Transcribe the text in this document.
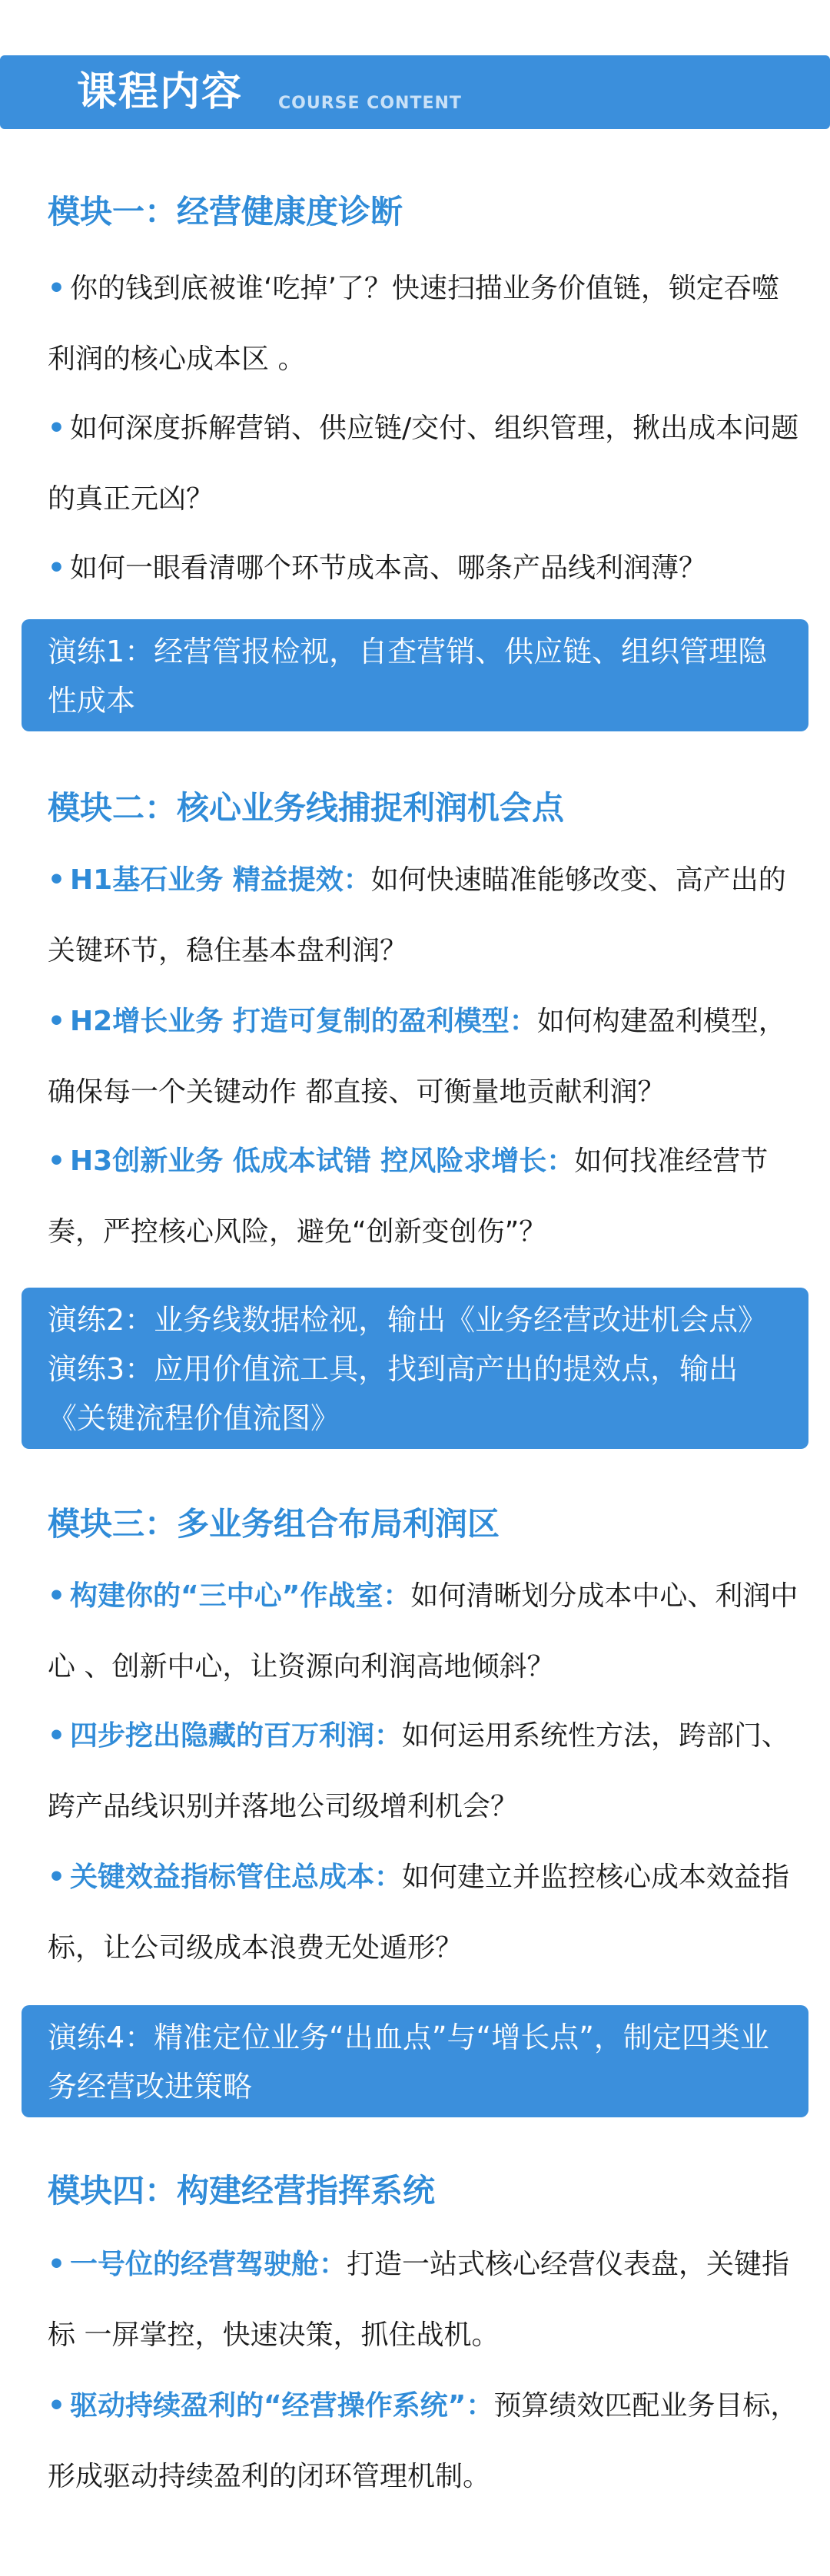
课程内容 COURSE CONTENT
模块一：经营健康度诊断
• 你的钱到底被谁‘吃掉’了？快速扫描业务价值链，锁定吞噬利润的核心成本区 。
• 如何深度拆解营销、供应链/交付、组织管理，揪出成本问题的真正元凶？
• 如何一眼看清哪个环节成本高、哪条产品线利润薄？
演练1：经营管报检视，自查营销、供应链、组织管理隐性成本
模块二：核心业务线捕捉利润机会点
• H1基石业务 精益提效：如何快速瞄准能够改变、高产出的关键环节，稳住基本盘利润？
• H2增长业务 打造可复制的盈利模型：如何构建盈利模型，确保每一个关键动作 都直接、可衡量地贡献利润？
• H3创新业务 低成本试错 控风险求增长：如何找准经营节奏，严控核心风险，避免“创新变创伤”？
演练2：业务线数据检视，输出《业务经营改进机会点》
演练3：应用价值流工具，找到高产出的提效点，输出《关键流程价值流图》
模块三：多业务组合布局利润区
• 构建你的“三中心”作战室：如何清晰划分成本中心、利润中心 、创新中心，让资源向利润高地倾斜？
• 四步挖出隐藏的百万利润：如何运用系统性方法，跨部门、跨产品线识别并落地公司级增利机会？
• 关键效益指标管住总成本：如何建立并监控核心成本效益指标，让公司级成本浪费无处遁形？
演练4：精准定位业务“出血点”与“增长点”，制定四类业务经营改进策略
模块四：构建经营指挥系统
• 一号位的经营驾驶舱：打造一站式核心经营仪表盘，关键指标 一屏掌控，快速决策，抓住战机。
• 驱动持续盈利的“经营操作系统”：预算绩效匹配业务目标，形成驱动持续盈利的闭环管理机制。
